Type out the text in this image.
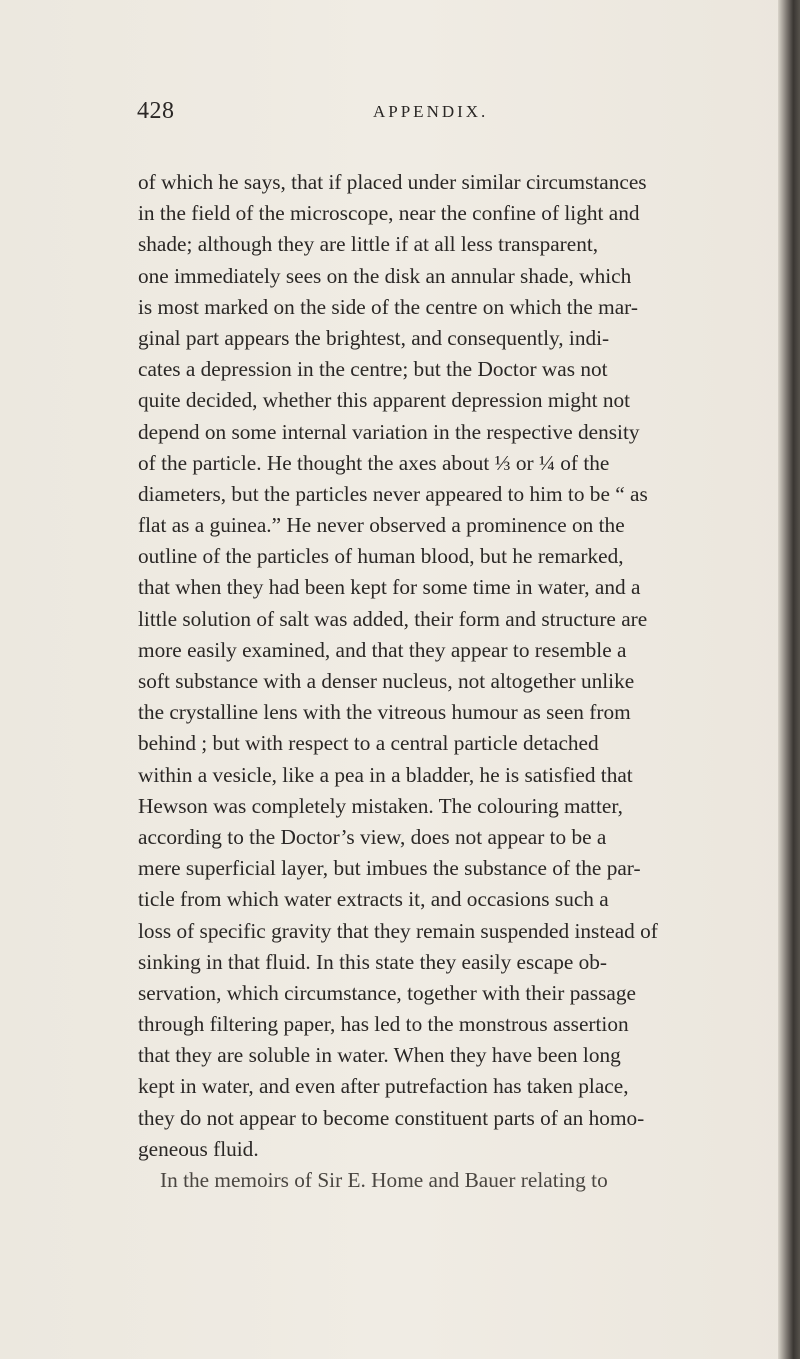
428	APPENDIX.
of which he says, that if placed under similar circumstances
in the field of the microscope, near the confine of light and
shade; although they are little if at all less transparent,
one immediately sees on the disk an annular shade, which
is most marked on the side of the centre on which the mar-
ginal part appears the brightest, and consequently, indi-
cates a depression in the centre; but the Doctor was not
quite decided, whether this apparent depression might not
depend on some internal variation in the respective density
of the particle. He thought the axes about ⅓ or ¼ of the
diameters, but the particles never appeared to him to be “ as
flat as a guinea.” He never observed a prominence on the
outline of the particles of human blood, but he remarked,
that when they had been kept for some time in water, and a
little solution of salt was added, their form and structure are
more easily examined, and that they appear to resemble a
soft substance with a denser nucleus, not altogether unlike
the crystalline lens with the vitreous humour as seen from
behind ; but with respect to a central particle detached
within a vesicle, like a pea in a bladder, he is satisfied that
Hewson was completely mistaken. The colouring matter,
according to the Doctor’s view, does not appear to be a
mere superficial layer, but imbues the substance of the par-
ticle from which water extracts it, and occasions such a
loss of specific gravity that they remain suspended instead of
sinking in that fluid. In this state they easily escape ob-
servation, which circumstance, together with their passage
through filtering paper, has led to the monstrous assertion
that they are soluble in water. When they have been long
kept in water, and even after putrefaction has taken place,
they do not appear to become constituent parts of an homo-
geneous fluid.
In the memoirs of Sir E. Home and Bauer relating to
